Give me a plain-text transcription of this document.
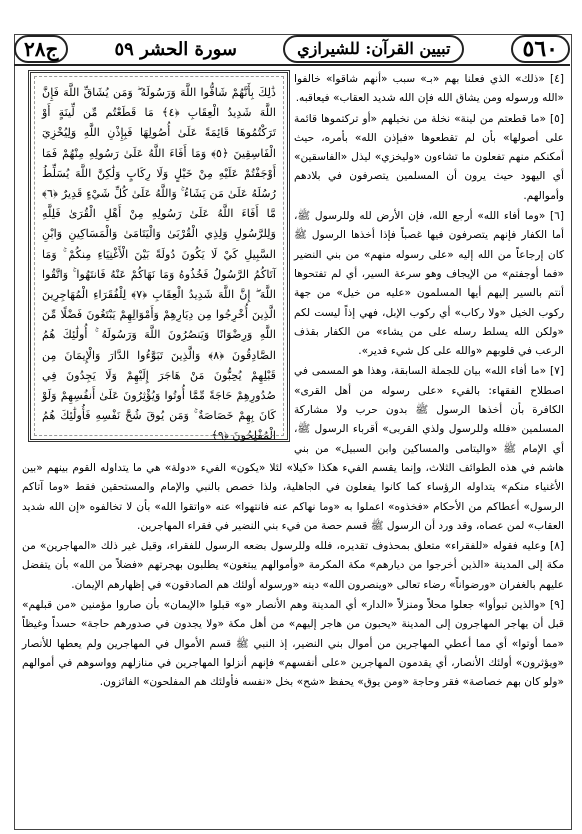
٥٦٠
تبيين القرآن: للشيرازي
سورة الحشر ٥٩
ج٢٨

[٤] «ذلك» الذي فعلنا بهم «بـ» سبب «أنهم شاقوا» خالفوا «الله ورسوله ومن يشاق الله فإن الله شديد العقاب» فيعاقبه.

[٥] «ما قطعتم من لينة» نخلة من نخيلهم «أو تركتموها قائمة على أصولها» بأن لم تقطعوها «فبإذن الله» بأمره، حيث أمكنكم منهم تفعلون ما تشاءون «وليخزي» ليذل «الفاسقين» أي اليهود حيث يرون أن المسلمين يتصرفون في بلادهم وأموالهم.

[٦] «وما أفاء الله» أرجع الله، فإن الأرض لله وللرسول ﷺ، أما الكفار فإنهم يتصرفون فيها غصباً فإذا أخذها الرسول ﷺ كان إرجاعاً من الله إليه «على رسوله منهم» من بني النضير «فما أوجفتم» من الإيجاف وهو سرعة السير، أي لم تفتحوها أنتم بالسير إليهم أيها المسلمون «عليه من خيل» من جهة ركوب الخيل «ولا ركاب» أي ركوب الإبل، فهي إذاً ليست لكم «ولكن الله يسلط رسله على من يشاء» من الكفار بقذف الرعب في قلوبهم «والله على كل شيء قدير».

[٧] «ما أفاء الله» بيان للجملة السابقة، وهذا هو المسمى في اصطلاح الفقهاء: بالفيء «على رسوله من أهل القرى» الكافرة بأن أخذها الرسول ﷺ بدون حرب ولا مشاركة المسلمين «فلله وللرسول ولذي القربى» أقرباء الرسول ﷺ، أي الإمام ﷺ «واليتامى والمساكين وابن السبيل» من بني هاشم في هذه الطوائف الثلاث، وإنما يقسم الفيء هكذا «كيلا» لئلا «يكون» الفيء «دولة» هي ما يتداوله القوم بينهم «بين الأغنياء منكم» يتداوله الرؤساء كما كانوا يفعلون في الجاهلية، ولذا خصص بالنبي والإمام والمستحقين فقط «وما آتاكم الرسول» أعطاكم من الأحكام «فخذوه» اعملوا به «وما نهاكم عنه فانتهوا» عنه «واتقوا الله» بأن لا تخالفوه «إن الله شديد العقاب» لمن عصاه، وقد ورد أن الرسول ﷺ قسم حصة من فيء بني النضير في فقراء المهاجرين.

[٨] وعليه فقوله «للفقراء» متعلق بمحذوف تقديره، فلله وللرسول بضعه الرسول للفقراء، وقيل غير ذلك «المهاجرين» من مكة إلى المدينة «الذين أخرجوا من ديارهم» مكة المكرمة «وأموالهم يبتغون» يطلبون بهجرتهم «فضلاً من الله» بأن يتفضل عليهم بالغفران «ورضواناً» رضاء تعالى «وينصرون الله» دينه «ورسوله أولئك هم الصادقون» في إظهارهم الإيمان.

[٩] «والذين تبوأوا» جعلوا محلاً ومنزلاً «الدار» أي المدينة وهم الأنصار «و» قبلوا «الإيمان» بأن صاروا مؤمنين «من قبلهم» قبل أن يهاجر المهاجرون إلى المدينة «يحبون من هاجر إليهم» من أهل مكة «ولا يجدون في صدورهم حاجة» حسداً وغيظاً «مما أوتوا» أي مما أعطي المهاجرين من أموال بني النضير، إذ النبي ﷺ قسم الأموال في المهاجرين ولم يعطها للأنصار «ويؤثرون» أولئك الأنصار، أي يقدمون المهاجرين «على أنفسهم» فإنهم أنزلوا المهاجرين في منازلهم وواسوهم في أموالهم «ولو كان بهم خصاصة» فقر وحاجة «ومن يوق» يحفظ «شح» بخل «نفسه فأولئك هم المفلحون» الفائزون.

ذَٰلِكَ بِأَنَّهُمْ شَاقُّوا اللَّهَ وَرَسُولَهُ ۖ وَمَن يُشَاقِّ اللَّهَ فَإِنَّ اللَّهَ شَدِيدُ الْعِقَابِ ﴿٤﴾ مَا قَطَعْتُم مِّن لِّينَةٍ أَوْ تَرَكْتُمُوهَا قَائِمَةً عَلَىٰ أُصُولِهَا فَبِإِذْنِ اللَّهِ وَلِيُخْزِيَ الْفَاسِقِينَ ﴿٥﴾ وَمَا أَفَاءَ اللَّهُ عَلَىٰ رَسُولِهِ مِنْهُمْ فَمَا أَوْجَفْتُمْ عَلَيْهِ مِنْ خَيْلٍ وَلَا رِكَابٍ وَلَٰكِنَّ اللَّهَ يُسَلِّطُ رُسُلَهُ عَلَىٰ مَن يَشَاءُ ۚ وَاللَّهُ عَلَىٰ كُلِّ شَيْءٍ قَدِيرٌ ﴿٦﴾ مَّا أَفَاءَ اللَّهُ عَلَىٰ رَسُولِهِ مِنْ أَهْلِ الْقُرَىٰ فَلِلَّهِ وَلِلرَّسُولِ وَلِذِي الْقُرْبَىٰ وَالْيَتَامَىٰ وَالْمَسَاكِينِ وَابْنِ السَّبِيلِ كَيْ لَا يَكُونَ دُولَةً بَيْنَ الْأَغْنِيَاءِ مِنكُمْ ۚ وَمَا آتَاكُمُ الرَّسُولُ فَخُذُوهُ وَمَا نَهَاكُمْ عَنْهُ فَانتَهُوا ۚ وَاتَّقُوا اللَّهَ ۖ إِنَّ اللَّهَ شَدِيدُ الْعِقَابِ ﴿٧﴾ لِلْفُقَرَاءِ الْمُهَاجِرِينَ الَّذِينَ أُخْرِجُوا مِن دِيَارِهِمْ وَأَمْوَالِهِمْ يَبْتَغُونَ فَضْلًا مِّنَ اللَّهِ وَرِضْوَانًا وَيَنصُرُونَ اللَّهَ وَرَسُولَهُ ۚ أُولَٰئِكَ هُمُ الصَّادِقُونَ ﴿٨﴾ وَالَّذِينَ تَبَوَّءُوا الدَّارَ وَالْإِيمَانَ مِن قَبْلِهِمْ يُحِبُّونَ مَنْ هَاجَرَ إِلَيْهِمْ وَلَا يَجِدُونَ فِي صُدُورِهِمْ حَاجَةً مِّمَّا أُوتُوا وَيُؤْثِرُونَ عَلَىٰ أَنفُسِهِمْ وَلَوْ كَانَ بِهِمْ خَصَاصَةٌ ۚ وَمَن يُوقَ شُحَّ نَفْسِهِ فَأُولَٰئِكَ هُمُ الْمُفْلِحُونَ ﴿٩﴾
